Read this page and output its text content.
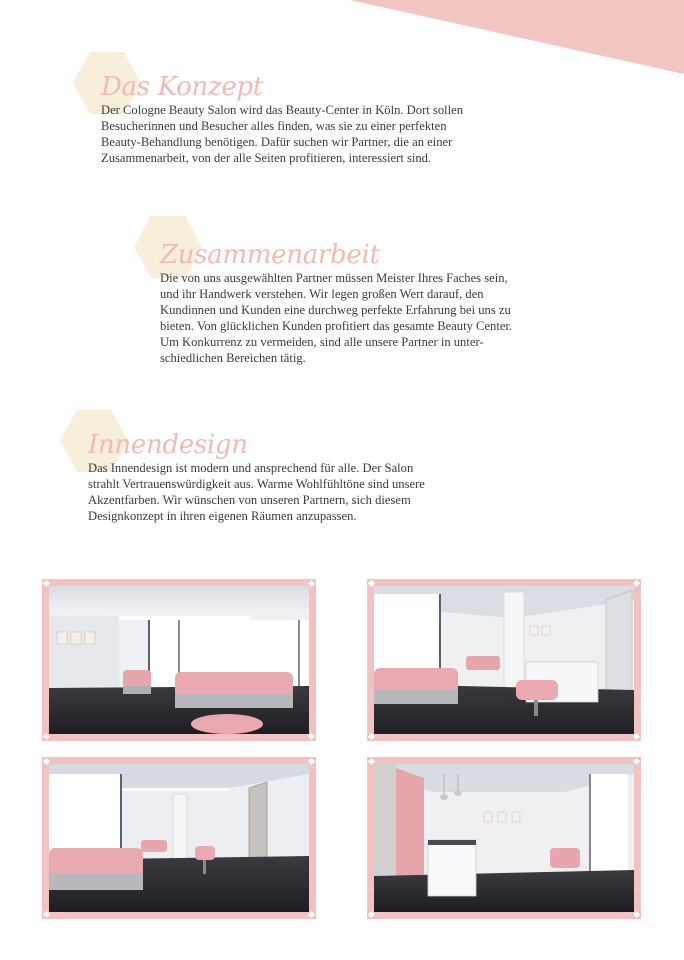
Das Konzept

Der Cologne Beauty Salon wird das Beauty-Center in Köln. Dort sollen
Besucherinnen und Besucher alles finden, was sie zu einer perfekten
Beauty-Behandlung benötigen. Dafür suchen wir Partner, die an einer
Zusammenarbeit, von der alle Seiten profitieren, interessiert sind.

Zusammenarbeit

Die von uns ausgewählten Partner müssen Meister Ihres Faches sein,
und ihr Handwerk verstehen. Wir legen großen Wert darauf, den
Kundinnen und Kunden eine durchweg perfekte Erfahrung bei uns zu
bieten. Von glücklichen Kunden profitiert das gesamte Beauty Center.
Um Konkurrenz zu vermeiden, sind alle unsere Partner in unter-
schiedlichen Bereichen tätig.

Innendesign

Das Innendesign ist modern und ansprechend für alle. Der Salon
strahlt Vertrauenswürdigkeit aus. Warme Wohlfühltöne sind unsere
Akzentfarben. Wir wünschen von unseren Partnern, sich diesem
Designkonzept in ihren eigenen Räumen anzupassen.
